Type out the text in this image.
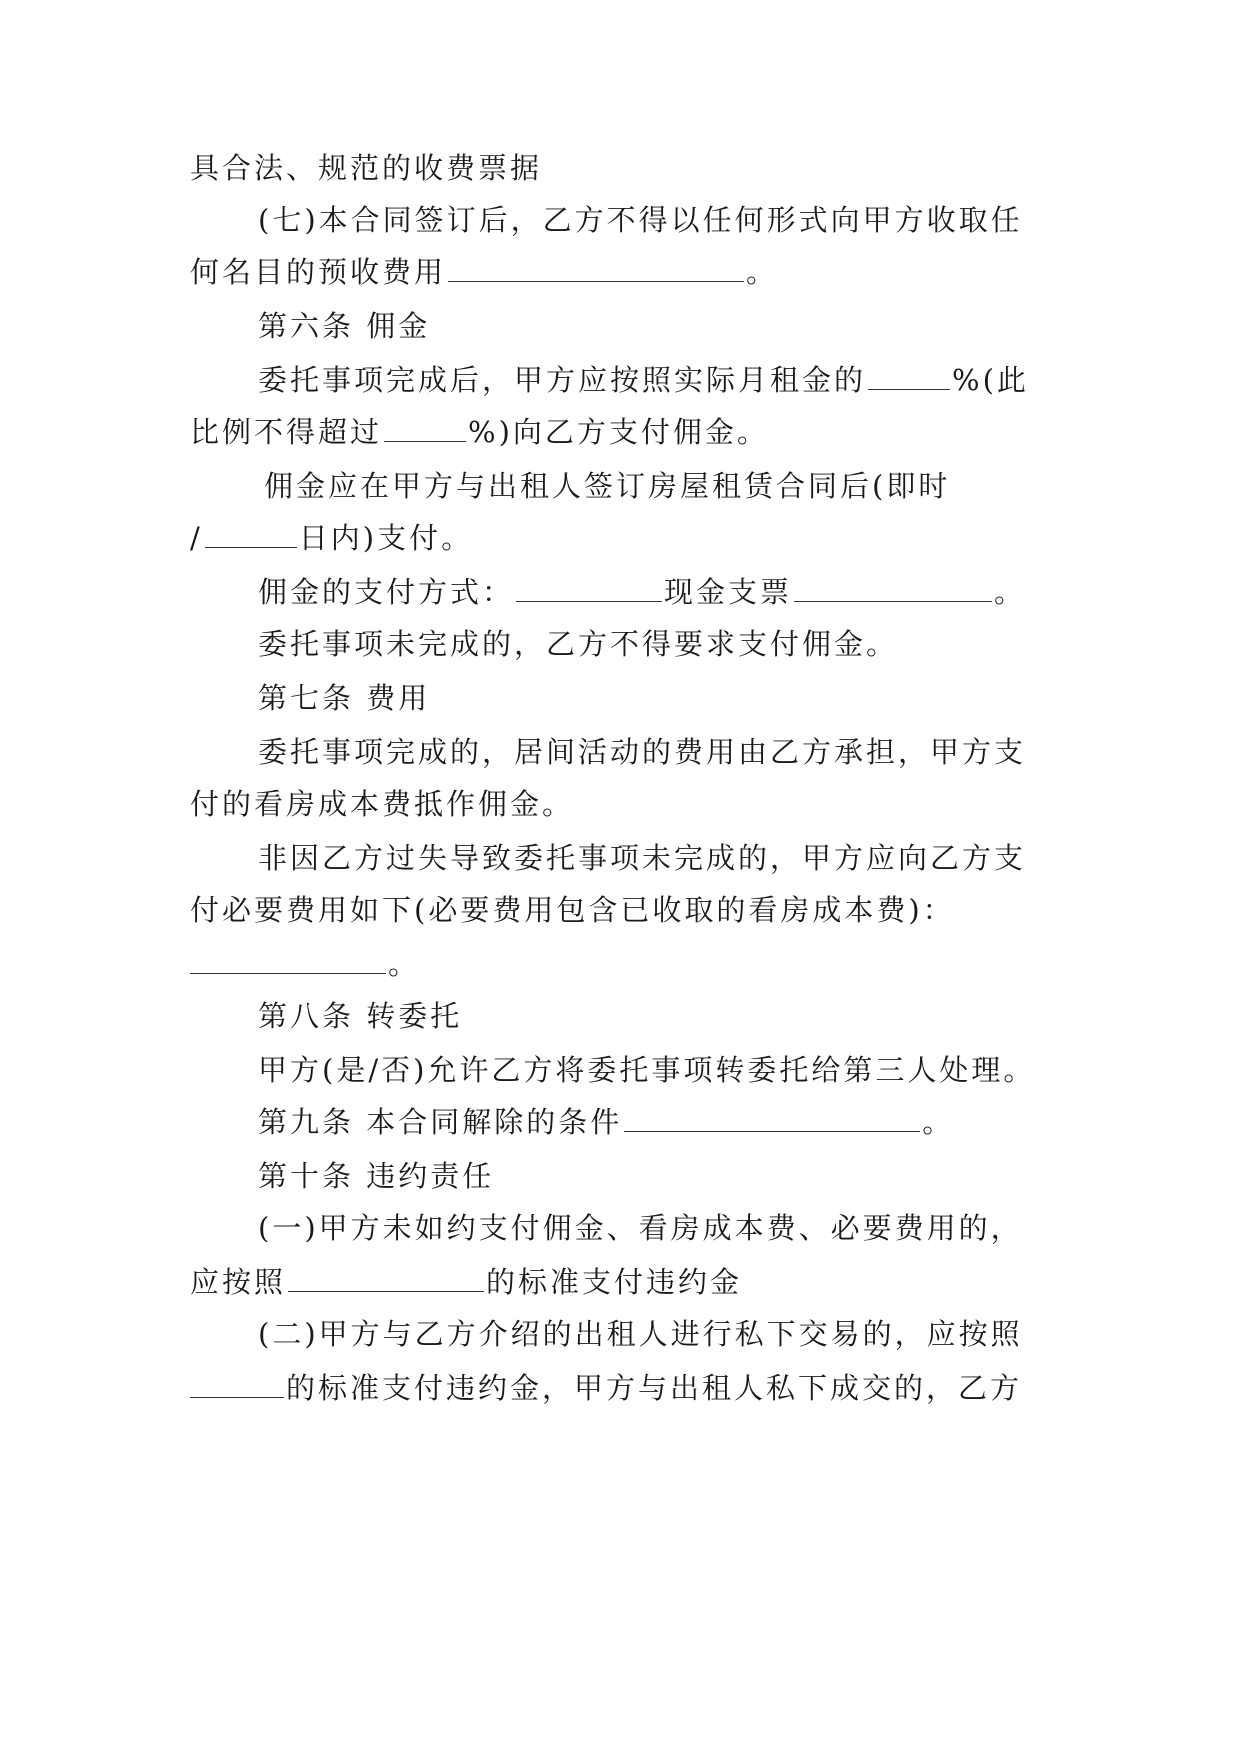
具合法、规范的收费票据
(七)本合同签订后，乙方不得以任何形式向甲方收取任
何名目的预收费用	。
第六条 佣金
委托事项完成后，甲方应按照实际月租金的	%(此
比例不得超过	%)向乙方支付佣金。
佣金应在甲方与出租人签订房屋租赁合同后(即时
/	日内)支付。
佣金的支付方式：	现金支票	。
委托事项未完成的，乙方不得要求支付佣金。
第七条 费用
委托事项完成的，居间活动的费用由乙方承担，甲方支
付的看房成本费抵作佣金。
非因乙方过失导致委托事项未完成的，甲方应向乙方支
付必要费用如下(必要费用包含已收取的看房成本费)：
。
第八条 转委托
甲方(是/否)允许乙方将委托事项转委托给第三人处理。
第九条 本合同解除的条件	。
第十条 违约责任
(一)甲方未如约支付佣金、看房成本费、必要费用的，
应按照	的标准支付违约金
(二)甲方与乙方介绍的出租人进行私下交易的，应按照
的标准支付违约金，甲方与出租人私下成交的，乙方
